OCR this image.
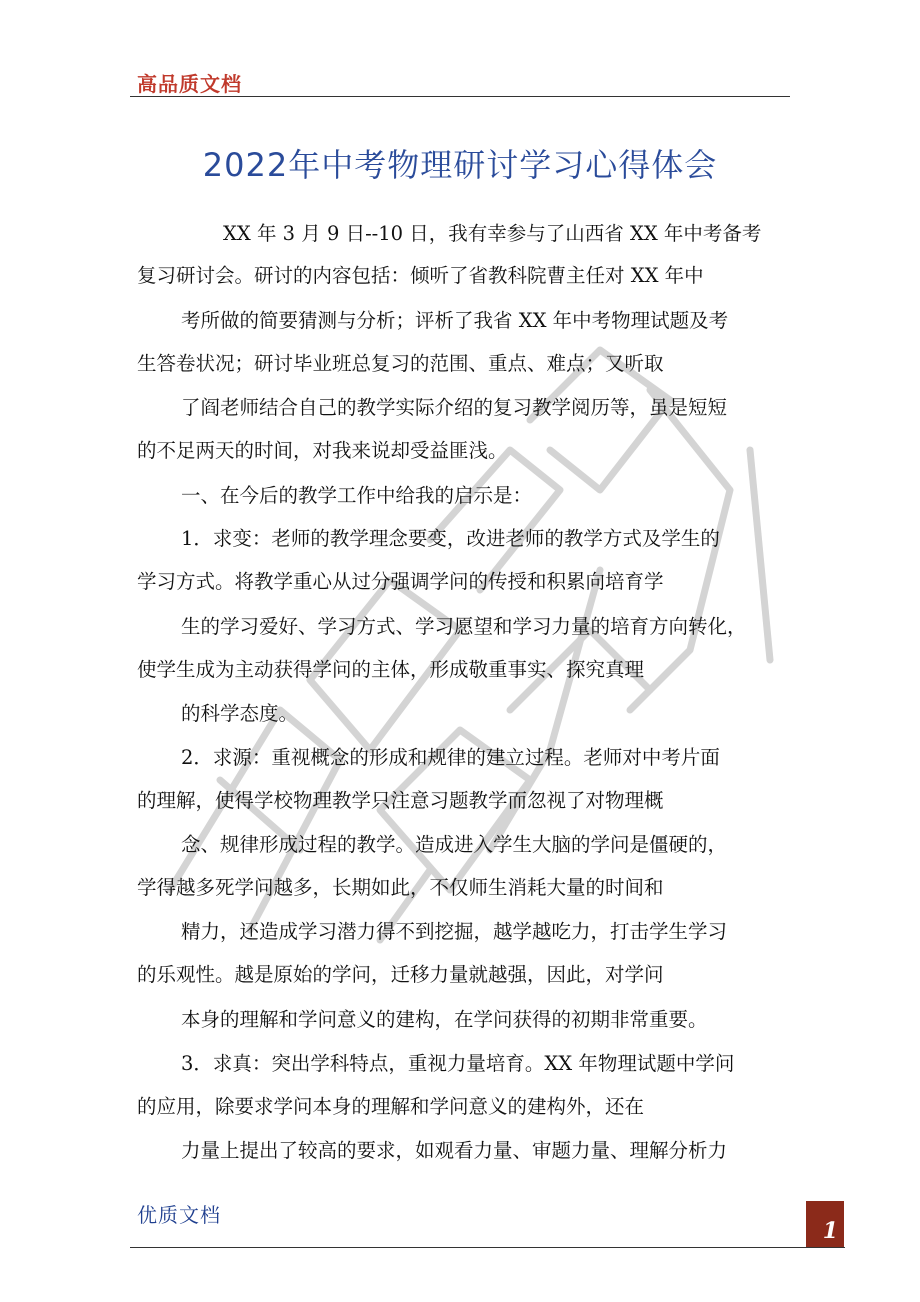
高品质文档
2022年中考物理研讨学习心得体会
XX 年 3 月 9 日--10 日，我有幸参与了山西省 XX 年中考备考
复习研讨会。研讨的内容包括：倾听了省教科院曹主任对 XX 年中
考所做的简要猜测与分析；评析了我省 XX 年中考物理试题及考
生答卷状况；研讨毕业班总复习的范围、重点、难点；又听取
了阎老师结合自己的教学实际介绍的复习教学阅历等，虽是短短
的不足两天的时间，对我来说却受益匪浅。
一、在今后的教学工作中给我的启示是：
1．求变：老师的教学理念要变，改进老师的教学方式及学生的
学习方式。将教学重心从过分强调学问的传授和积累向培育学
生的学习爱好、学习方式、学习愿望和学习力量的培育方向转化，
使学生成为主动获得学问的主体，形成敬重事实、探究真理
的科学态度。
2．求源：重视概念的形成和规律的建立过程。老师对中考片面
的理解，使得学校物理教学只注意习题教学而忽视了对物理概
念、规律形成过程的教学。造成进入学生大脑的学问是僵硬的，
学得越多死学问越多，长期如此，不仅师生消耗大量的时间和
精力，还造成学习潜力得不到挖掘，越学越吃力，打击学生学习
的乐观性。越是原始的学问，迁移力量就越强，因此，对学问
本身的理解和学问意义的建构，在学问获得的初期非常重要。
3．求真：突出学科特点，重视力量培育。XX 年物理试题中学问
的应用，除要求学问本身的理解和学问意义的建构外，还在
力量上提出了较高的要求，如观看力量、审题力量、理解分析力
优质文档
1
